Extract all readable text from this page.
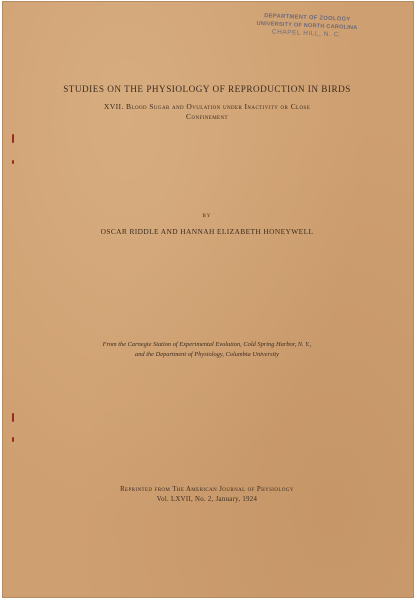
DEPARTMENT OF ZOOLOGY
UNIVERSITY OF NORTH CAROLINA
CHAPEL HILL, N. C.
STUDIES ON THE PHYSIOLOGY OF REPRODUCTION IN BIRDS
XVII. Blood Sugar and Ovulation under Inactivity or Close
Confinement
BY
OSCAR RIDDLE AND HANNAH ELIZABETH HONEYWELL
From the Carnegie Station of Experimental Evolution, Cold Spring Harbor, N. Y.,
and the Department of Physiology, Columbia University
Reprinted from The American Journal of Physiology
Vol. LXVII, No. 2, January, 1924
